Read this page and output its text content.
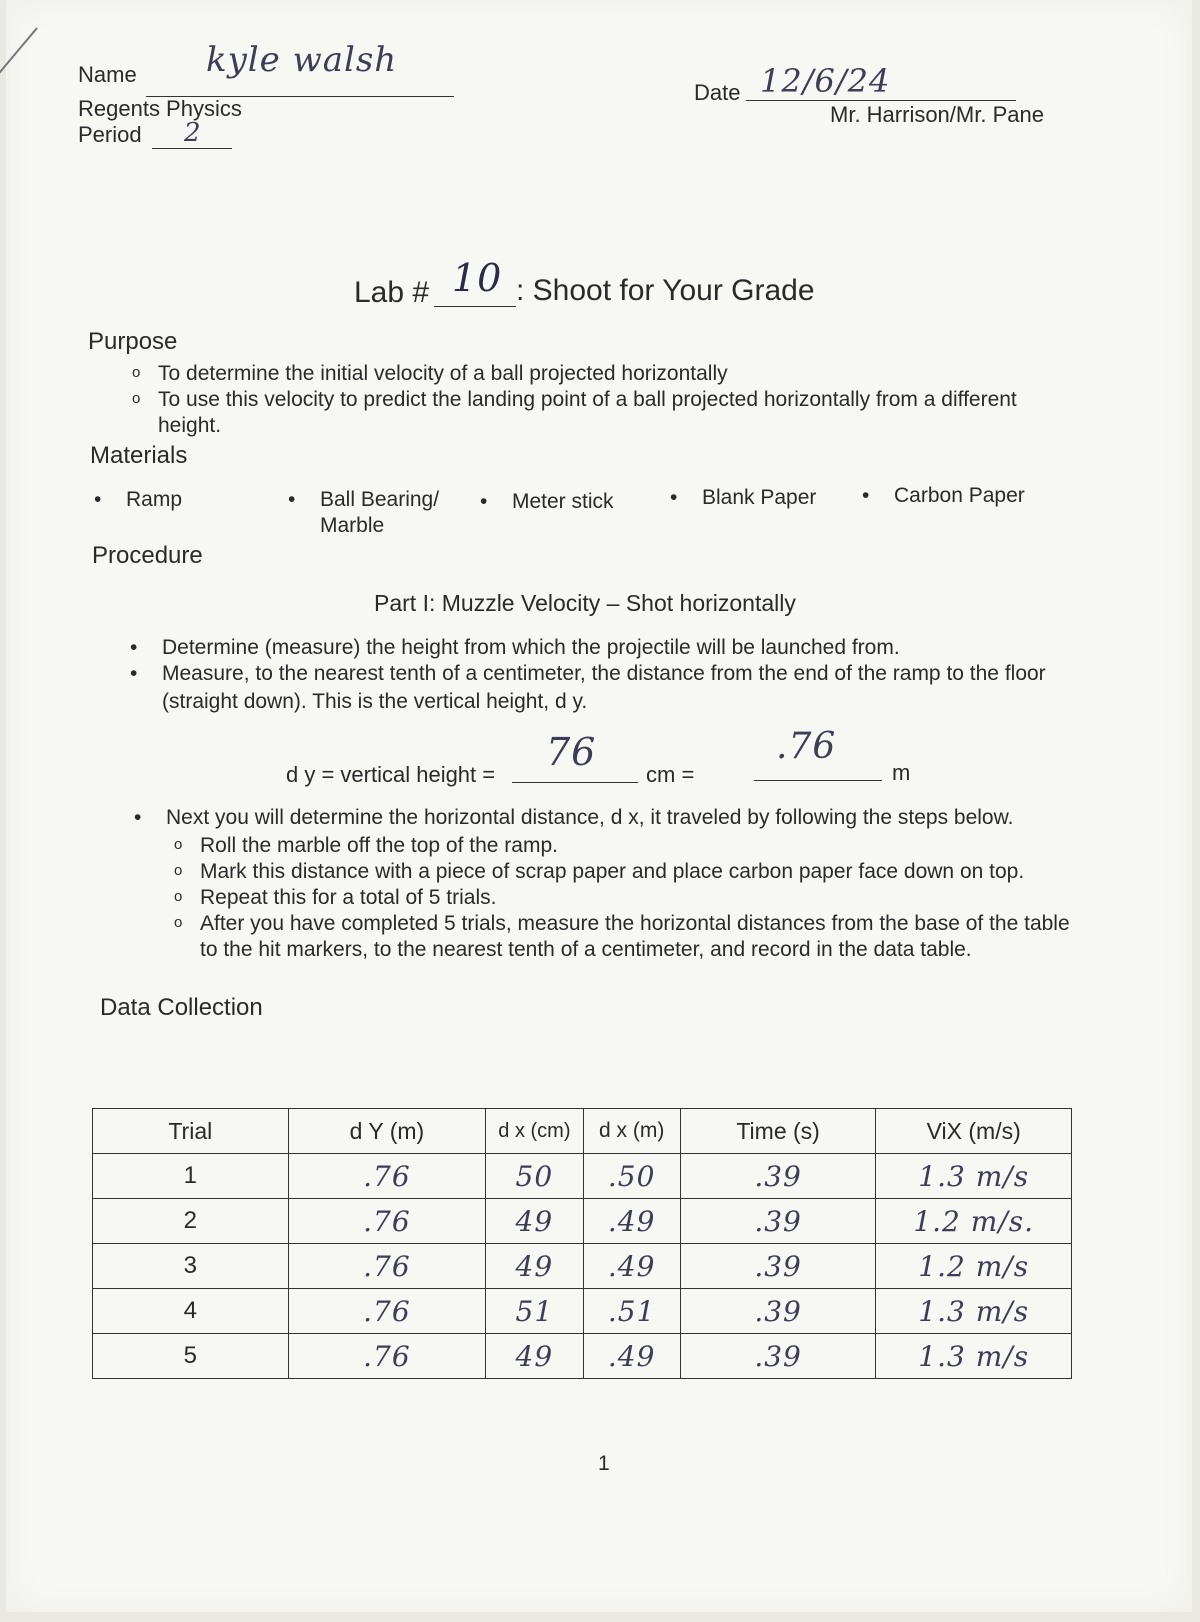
Name kyle walsh
Regents Physics
Period 2
Date 12/6/24
Mr. Harrison/Mr. Pane
Lab # 10 : Shoot for Your Grade
Purpose
o To determine the initial velocity of a ball projected horizontally
o To use this velocity to predict the landing point of a ball projected horizontally from a different
height.
Materials
• Ramp	• Ball Bearing/
Marble
• Meter stick	• Blank Paper	• Carbon Paper
Procedure
Part I: Muzzle Velocity – Shot horizontally
• Determine (measure) the height from which the projectile will be launched from.
• Measure, to the nearest tenth of a centimeter, the distance from the end of the ramp to the floor
(straight down). This is the vertical height, d y.
d y = vertical height =
76
cm =
.76
m
• Next you will determine the horizontal distance, d x, it traveled by following the steps below.
o Roll the marble off the top of the ramp.
o Mark this distance with a piece of scrap paper and place carbon paper face down on top.
o Repeat this for a total of 5 trials.
o After you have completed 5 trials, measure the horizontal distances from the base of the table
to the hit markers, to the nearest tenth of a centimeter, and record in the data table.
Data Collection
Trial	d Y (m)	d x (cm)	d x (m)	Time (s)	ViX (m/s)
1	.76	50	.50	.39	1.3 m/s
2	.76	49	.49	.39	1.2 m/s.
3	.76	49	.49	.39	1.2 m/s
4	.76	51	.51	.39	1.3 m/s
5	.76	49	.49	.39	1.3 m/s
1
